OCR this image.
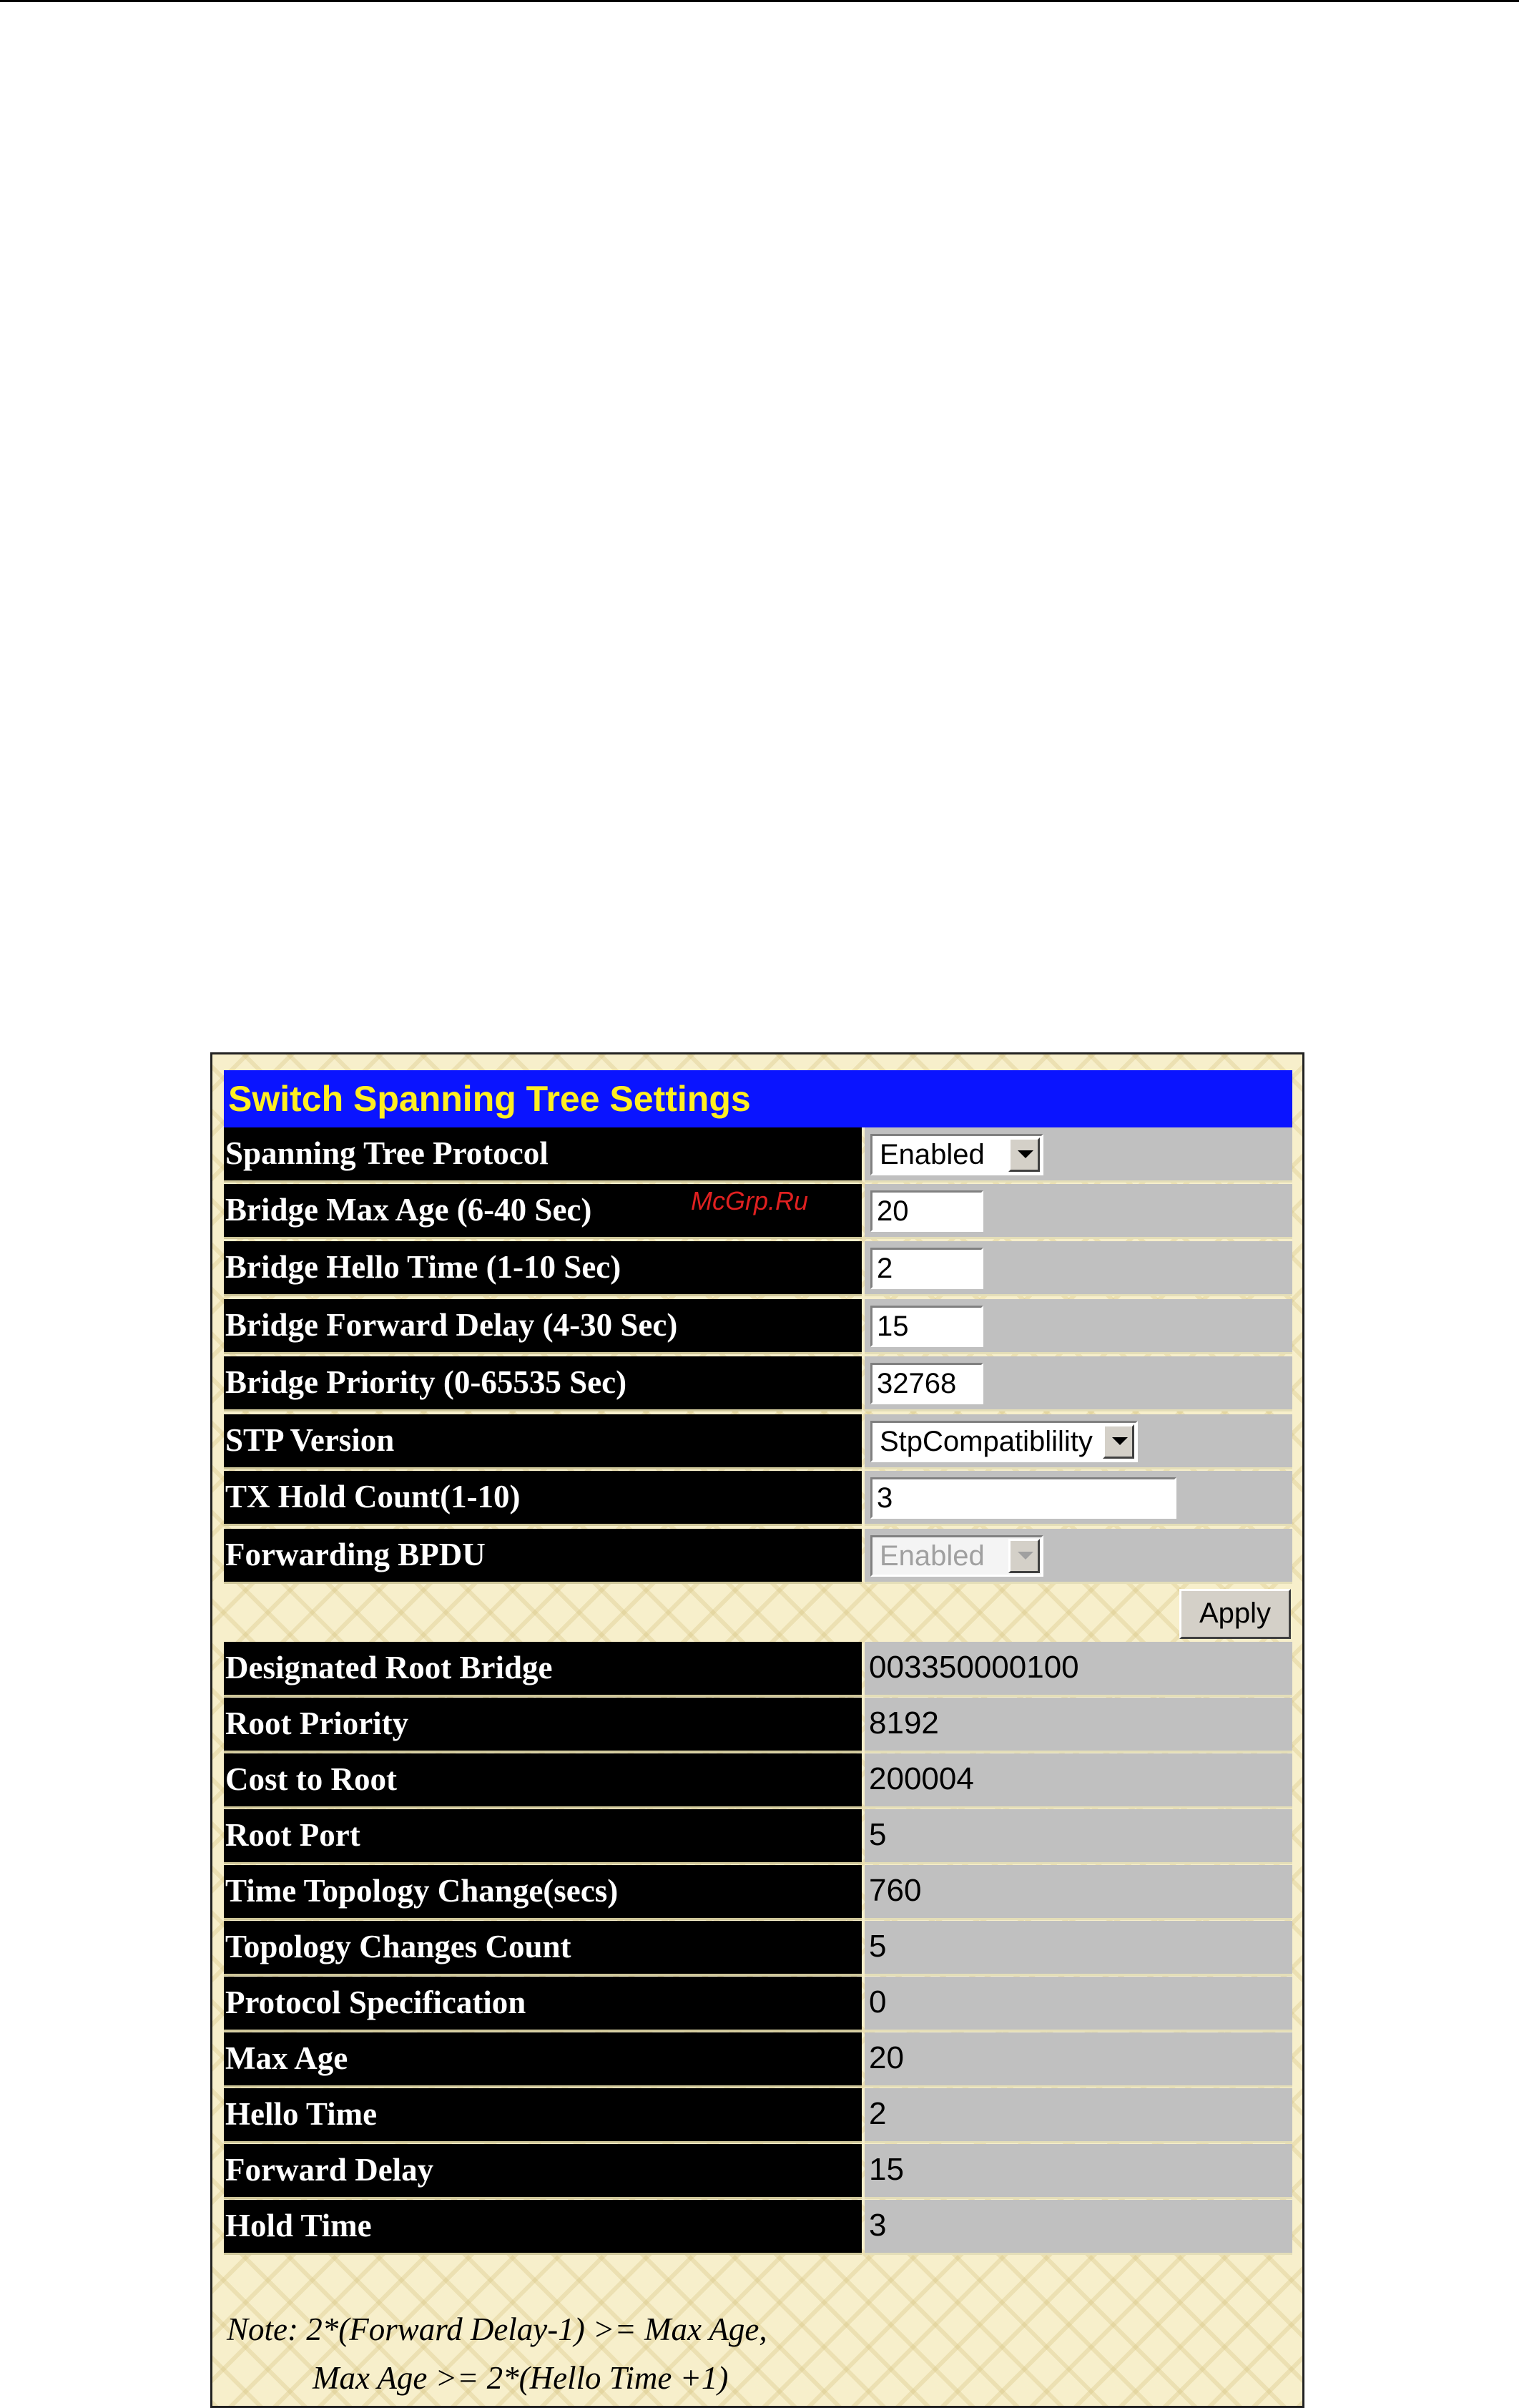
Switch Spanning Tree Settings
Spanning Tree Protocol	Enabled
Bridge Max Age (6-40 Sec)	20
Bridge Hello Time (1-10 Sec)	2
Bridge Forward Delay (4-30 Sec)	15
Bridge Priority (0-65535 Sec)	32768
STP Version	StpCompatiblility
TX Hold Count(1-10)	3
Forwarding BPDU	Enabled
Apply
Designated Root Bridge	003350000100
Root Priority	8192
Cost to Root	200004
Root Port	5
Time Topology Change(secs)	760
Topology Changes Count	5
Protocol Specification	0
Max Age	20
Hello Time	2
Forward Delay	15
Hold Time	3
Note: 2*(Forward Delay-1) >= Max Age,
Max Age >= 2*(Hello Time +1)
McGrp.Ru
